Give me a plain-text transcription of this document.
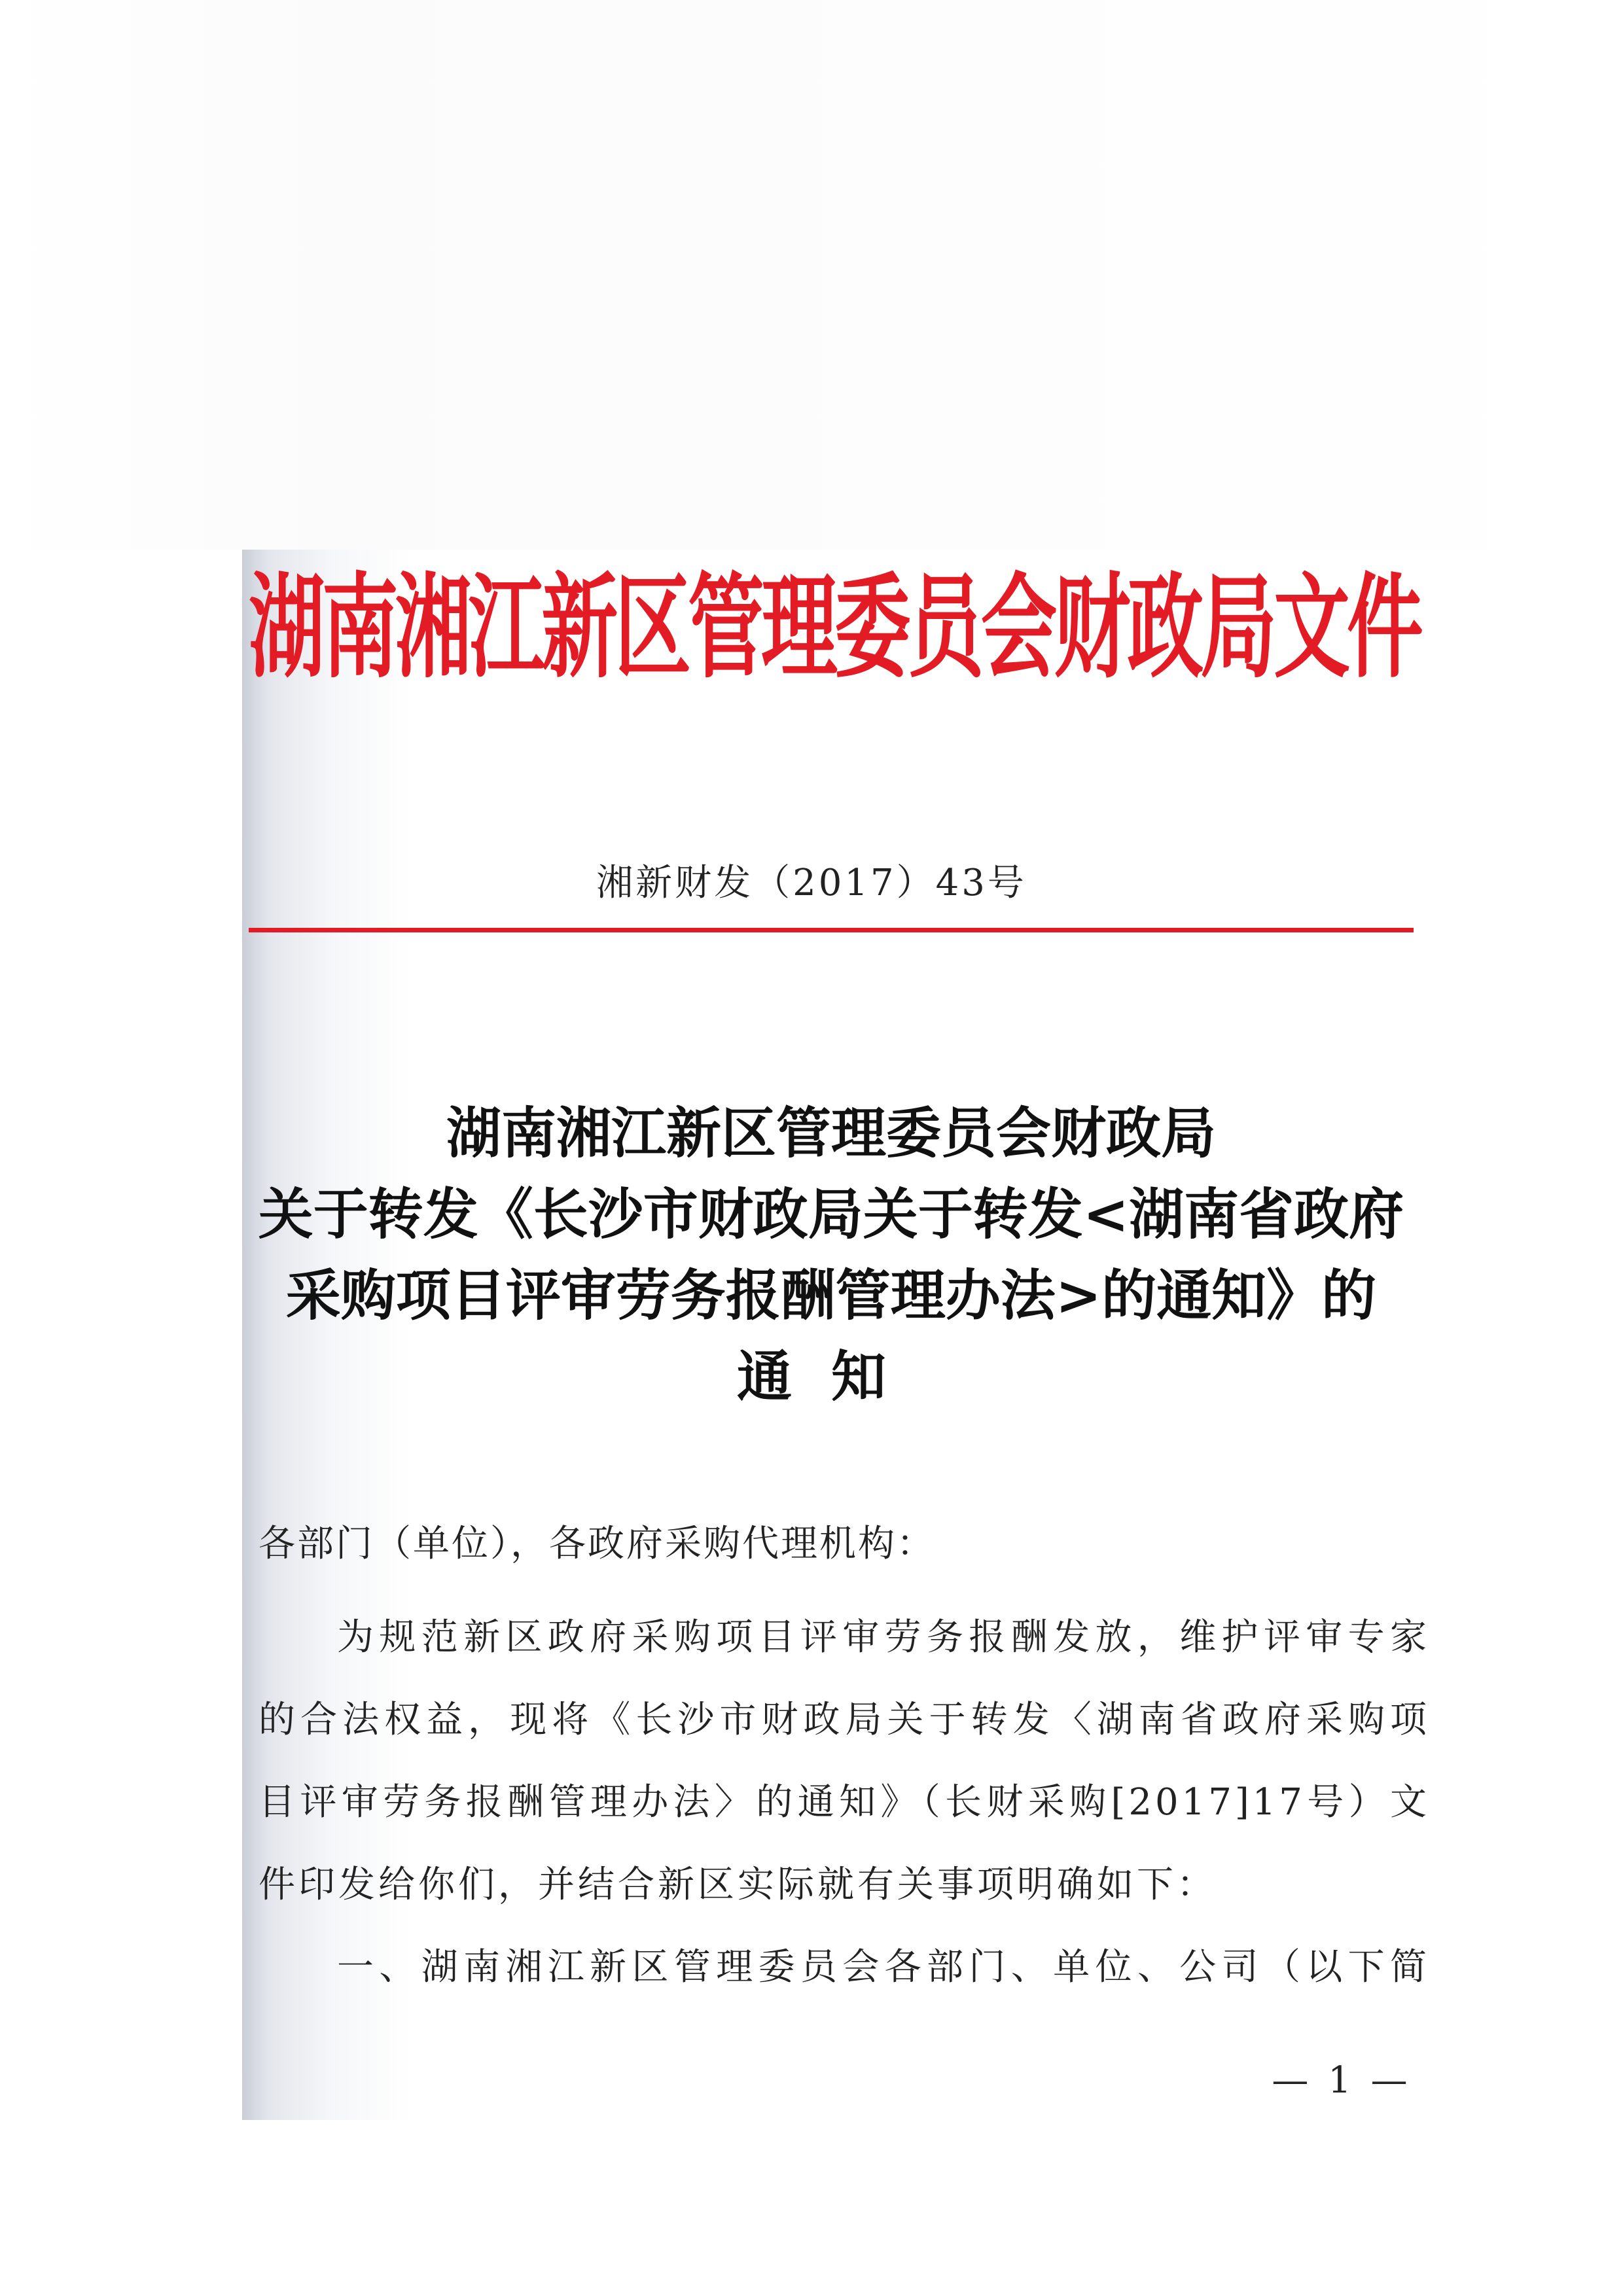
湖南湘江新区管理委员会财政局文件
湘新财发（2017）43号
湖南湘江新区管理委员会财政局
关于转发《长沙市财政局关于转发<湖南省政府
采购项目评审劳务报酬管理办法>的通知》的
通知
各部门（单位），各政府采购代理机构：
为规范新区政府采购项目评审劳务报酬发放，维护评审专家
的合法权益，现将《长沙市财政局关于转发〈湖南省政府采购项
目评审劳务报酬管理办法〉的通知》（长财采购[2017]17号）文
件印发给你们，并结合新区实际就有关事项明确如下：
一、湖南湘江新区管理委员会各部门、单位、公司（以下简
— 1 —
